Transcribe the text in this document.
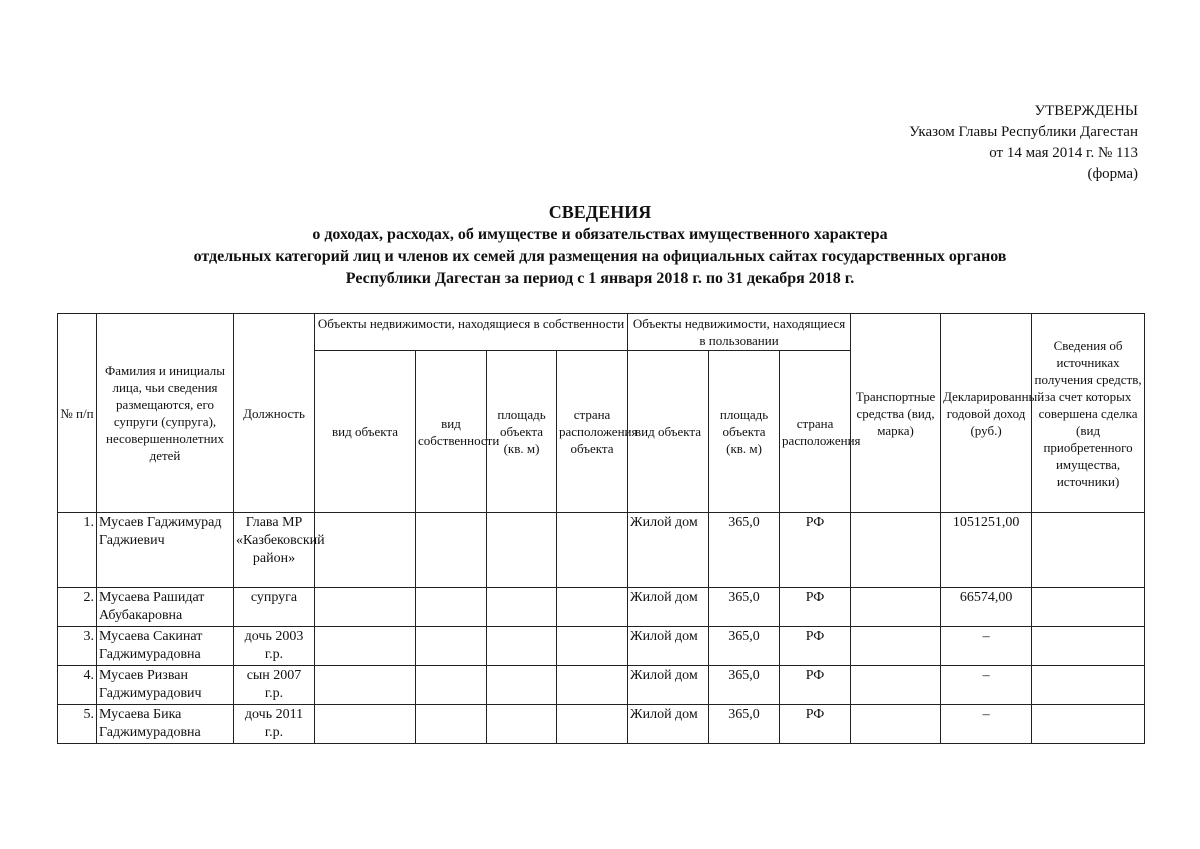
УТВЕРЖДЕНЫ
Указом Главы Республики Дагестан
от 14 мая 2014 г. № 113
(форма)
СВЕДЕНИЯ
о доходах, расходах, об имуществе и обязательствах имущественного характера
отдельных категорий лиц и членов их семей для размещения на официальных сайтах государственных органов
Республики Дагестан за период с 1 января 2018 г. по 31 декабря 2018 г.
№ п/п	Фамилия и инициалы лица, чьи сведения размещаются, его супруги (супруга), несовершеннолетних детей	Должность	Объекты недвижимости, находящиеся в собственности				Объекты недвижимости, находящиеся в пользовании			Транспортные средства (вид, марка)	Декларированный годовой доход (руб.)	Сведения об источниках получения средств, за счет которых совершена сделка (вид приобретенного имущества, источники)
			вид объекта	вид собственности	площадь объекта (кв. м)	страна расположения объекта	вид объекта	площадь объекта (кв. м)	страна расположения			
1.	Мусаев Гаджимурад Гаджиевич	Глава МР «Казбековский район»					Жилой дом	365,0	РФ		1051251,00	
2.	Мусаева Рашидат Абубакаровна	супруга					Жилой дом	365,0	РФ		66574,00	
3.	Мусаева Сакинат Гаджимурадовна	дочь 2003 г.р.					Жилой дом	365,0	РФ		–	
4.	Мусаев Ризван Гаджимурадович	сын 2007 г.р.					Жилой дом	365,0	РФ		–	
5.	Мусаева Бика Гаджимурадовна	дочь 2011 г.р.					Жилой дом	365,0	РФ		–	
